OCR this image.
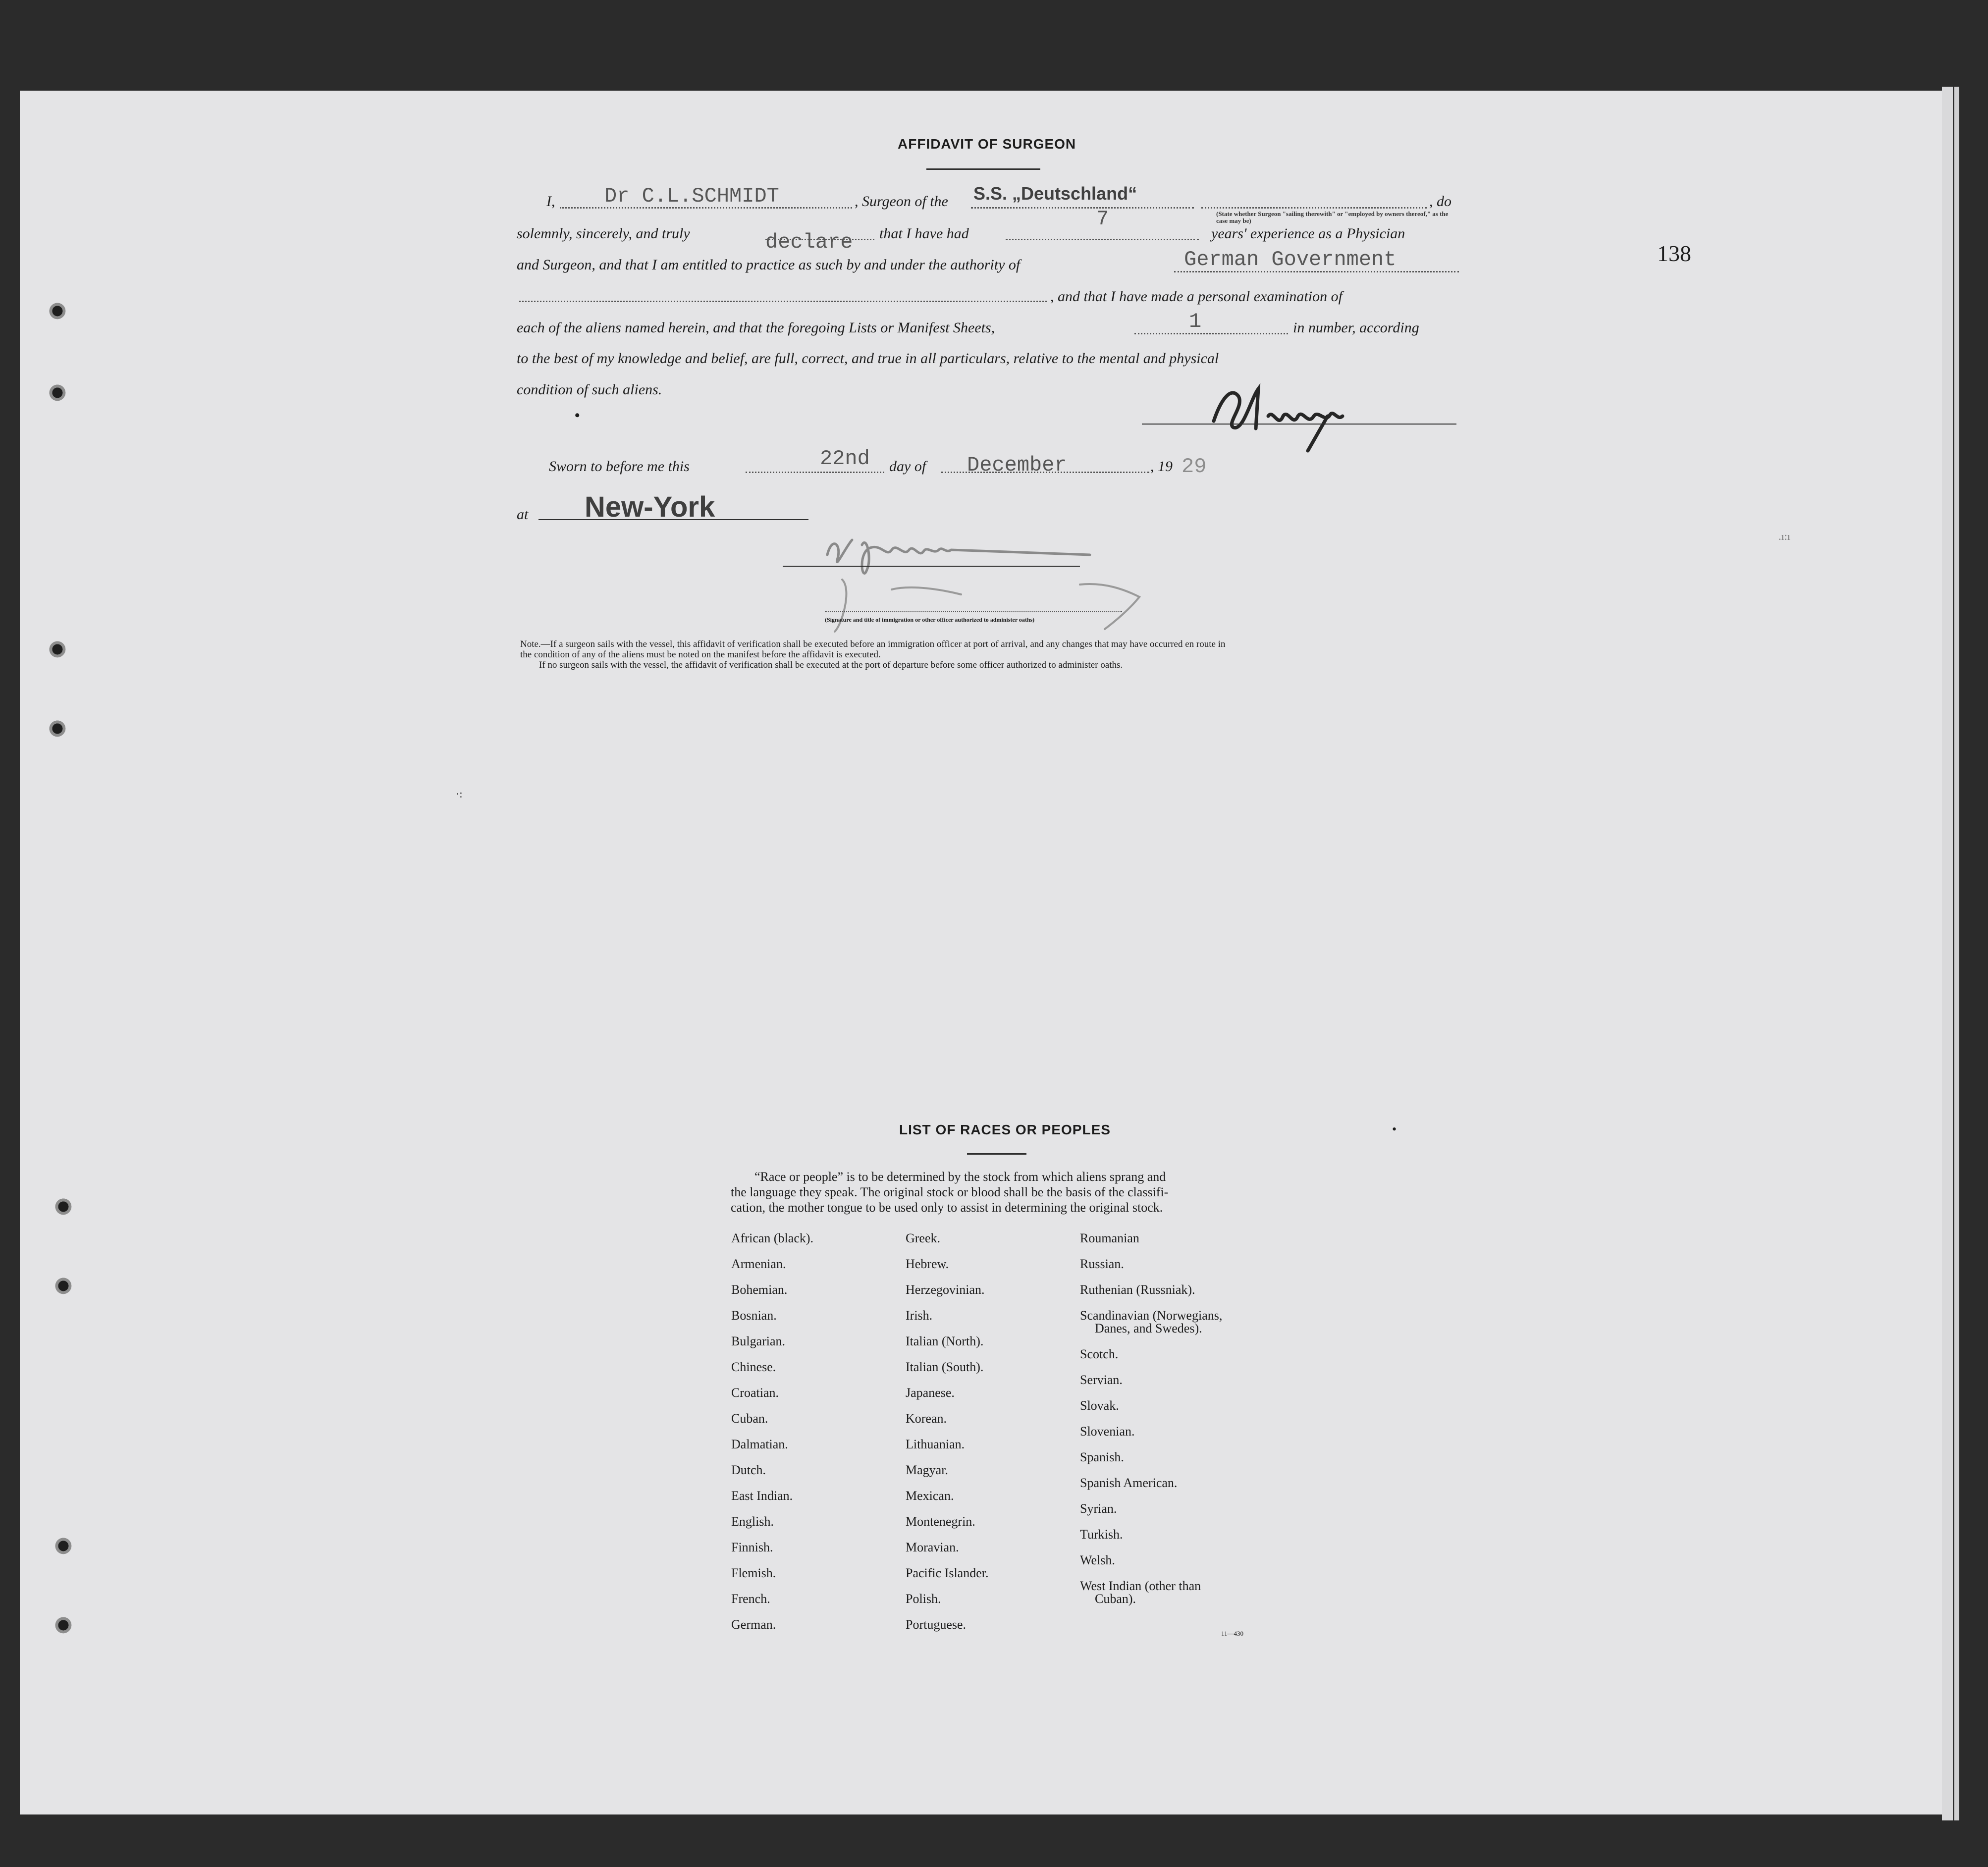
138
AFFIDAVIT OF SURGEON
I, Dr C.L.SCHMIDT	, Surgeon of the S.S. „Deutschland“
(State whether Surgeon "sailing therewith" or "employed by owners thereof," as the case may be)
, do
solemnly, sincerely, and truly	declare that I have had
7
years' experience as a Physician
and Surgeon, and that I am entitled to practice as such by and under the authority of	German Government
, and that I have made a personal examination of
each of the aliens named herein, and that the foregoing Lists or Manifest Sheets,	1	in number, according
to the best of my knowledge and belief, are full, correct, and true in all particulars, relative to the mental and physical
condition of such aliens.
•
Sworn to before me this	22nd day of December	, 19 29
at New-York
(Signature and title of immigration or other officer authorized to administer oaths)
Note.—If a surgeon sails with the vessel, this affidavit of verification shall be executed before an immigration officer at port of arrival, and any changes that may have occurred en route in
the condition of any of the aliens must be noted on the manifest before the affidavit is executed.
If no surgeon sails with the vessel, the affidavit of verification shall be executed at the port of departure before some officer authorized to administer oaths.
·:
.ı:ı
•
LIST OF RACES OR PEOPLES
“Race or people” is to be determined by the stock from which aliens sprang and
the language they speak. The original stock or blood shall be the basis of the classifi-
cation, the mother tongue to be used only to assist in determining the original stock.
African (black).
Armenian.
Bohemian.
Bosnian.
Bulgarian.
Chinese.
Croatian.
Cuban.
Dalmatian.
Dutch.
East Indian.
English.
Finnish.
Flemish.
French.
German.
Greek.
Hebrew.
Herzegovinian.
Irish.
Italian (North).
Italian (South).
Japanese.
Korean.
Lithuanian.
Magyar.
Mexican.
Montenegrin.
Moravian.
Pacific Islander.
Polish.
Portuguese.
Roumanian
Russian.
Ruthenian (Russniak).
Scandinavian (Norwegians,
Danes, and Swedes).
Scotch.
Servian.
Slovak.
Slovenian.
Spanish.
Spanish American.
Syrian.
Turkish.
Welsh.
West Indian (other than
Cuban).
11—430
